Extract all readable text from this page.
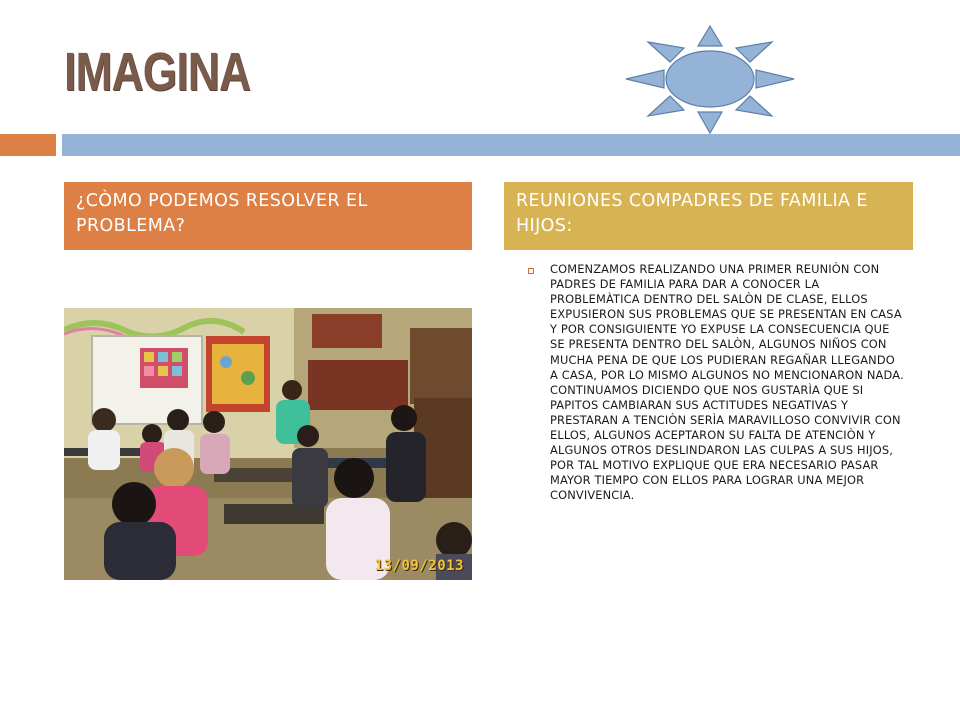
IMAGINA
¿CÒMO PODEMOS RESOLVER EL PROBLEMA?
REUNIONES COMPADRES DE FAMILIA E HIJOS:
13/09/2013

COMENZAMOS REALIZANDO UNA PRIMER REUNIÒN CON PADRES DE FAMILIA PARA DAR A CONOCER LA PROBLEMÀTICA DENTRO DEL SALÒN DE CLASE, ELLOS EXPUSIERON SUS PROBLEMAS QUE SE PRESENTAN EN CASA Y POR CONSIGUIENTE YO EXPUSE LA CONSECUENCIA QUE SE PRESENTA DENTRO DEL SALÒN, ALGUNOS NIÑOS CON MUCHA PENA DE QUE LOS PUDIERAN REGAÑAR LLEGANDO A CASA, POR LO MISMO ALGUNOS NO MENCIONARON NADA. CONTINUAMOS DICIENDO QUE NOS GUSTARÌA QUE SI PAPITOS CAMBIARAN SUS ACTITUDES NEGATIVAS Y PRESTARAN A TENCIÒN SERÌA MARAVILLOSO CONVIVIR CON ELLOS, ALGUNOS ACEPTARON SU FALTA DE ATENCIÒN Y ALGUNOS OTROS DESLINDARON LAS CULPAS A SUS HIJOS, POR TAL MOTIVO EXPLIQUE QUE ERA NECESARIO PASAR MAYOR TIEMPO CON ELLOS PARA LOGRAR UNA MEJOR CONVIVENCIA.
